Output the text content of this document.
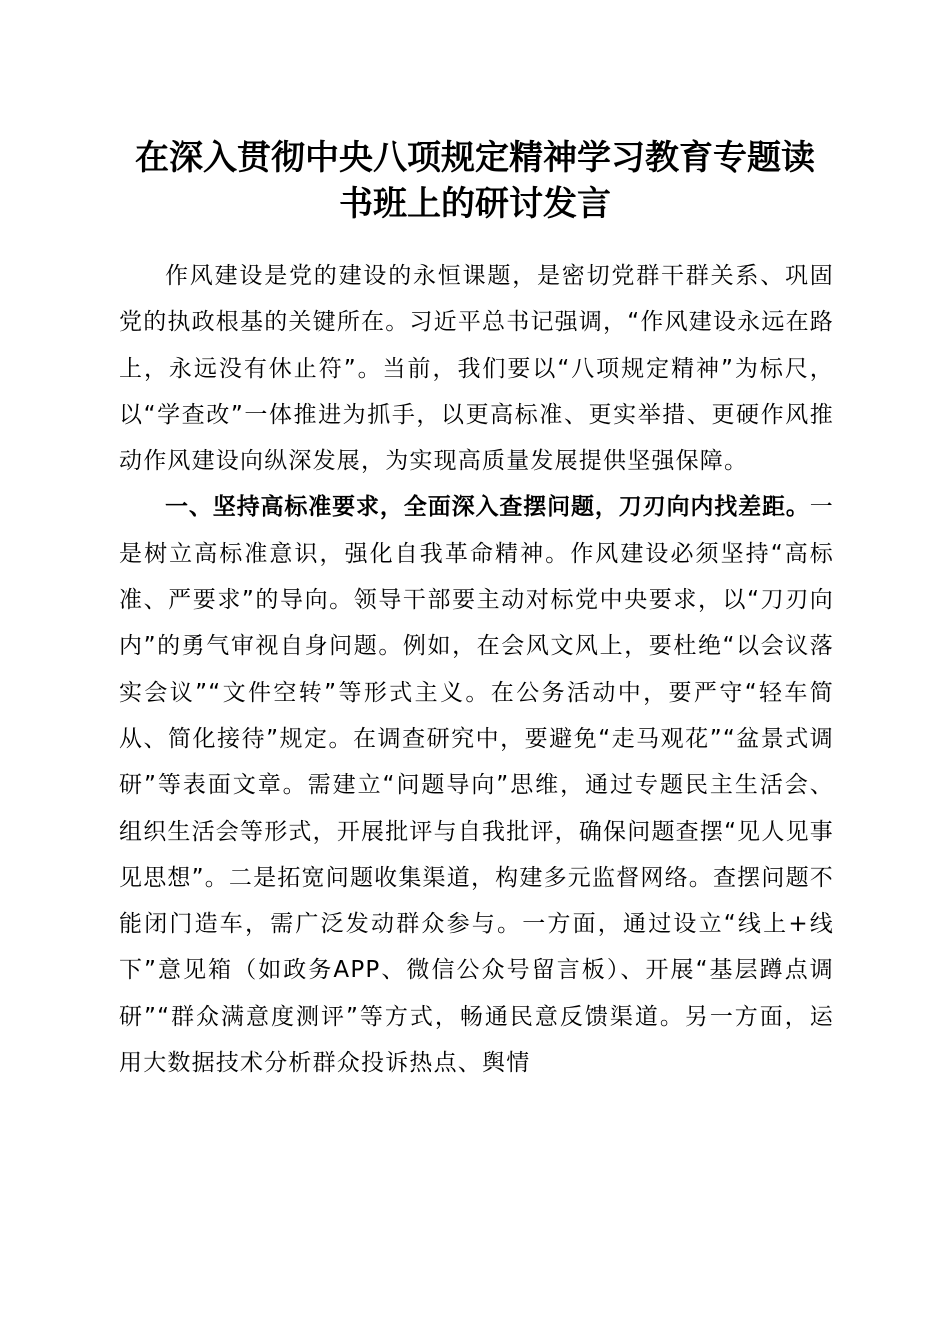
在深入贯彻中央八项规定精神学习教育专题读
书班上的研讨发言

作风建设是党的建设的永恒课题，是密切党群干群关系、巩固党的执政根基的关键所在。习近平总书记强调，“作风建设永远在路上，永远没有休止符”。当前，我们要以“八项规定精神”为标尺，以“学查改”一体推进为抓手，以更高标准、更实举措、更硬作风推动作风建设向纵深发展，为实现高质量发展提供坚强保障。

一、坚持高标准要求，全面深入查摆问题，刀刃向内找差距。一是树立高标准意识，强化自我革命精神。作风建设必须坚持“高标准、严要求”的导向。领导干部要主动对标党中央要求，以“刀刃向内”的勇气审视自身问题。例如，在会风文风上，要杜绝“以会议落实会议”“文件空转”等形式主义。在公务活动中，要严守“轻车简从、简化接待”规定。在调查研究中，要避免“走马观花”“盆景式调研”等表面文章。需建立“问题导向”思维，通过专题民主生活会、组织生活会等形式，开展批评与自我批评，确保问题查摆“见人见事见思想”。二是拓宽问题收集渠道，构建多元监督网络。查摆问题不能闭门造车，需广泛发动群众参与。一方面，通过设立“线上+线下”意见箱（如政务APP、微信公众号留言板）、开展“基层蹲点调研”“群众满意度测评”等方式，畅通民意反馈渠道。另一方面，运用大数据技术分析群众投诉热点、舆情
